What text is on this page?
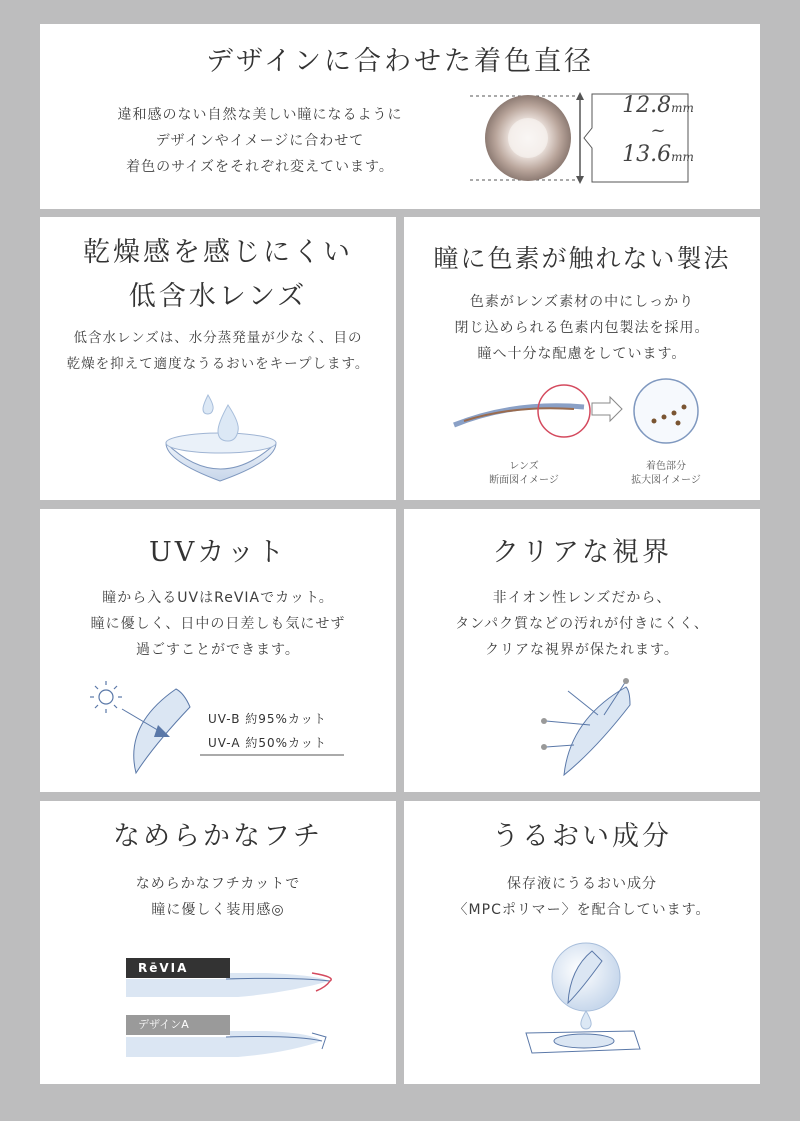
デザインに合わせた着色直径
違和感のない自然な美しい瞳になるように
デザインやイメージに合わせて
着色のサイズをそれぞれ変えています。
12.8mm
~
13.6mm
乾燥感を感じにくい
低含水レンズ
低含水レンズは、水分蒸発量が少なく、目の
乾燥を抑えて適度なうるおいをキープします。
瞳に色素が触れない製法
色素がレンズ素材の中にしっかり
閉じ込められる色素内包製法を採用。
瞳へ十分な配慮をしています。
レンズ
断面図イメージ
着色部分
拡大図イメージ
UVカット
瞳から入るUVはReVIAでカット。
瞳に優しく、日中の日差しも気にせず
過ごすことができます。
UV-B 約95%カット
UV-A 約50%カット
クリアな視界
非イオン性レンズだから、
タンパク質などの汚れが付きにくく、
クリアな視界が保たれます。
なめらかなフチ
なめらかなフチカットで
瞳に優しく装用感◎
RēVIA
デザインA
うるおい成分
保存液にうるおい成分
〈MPCポリマー〉を配合しています。
